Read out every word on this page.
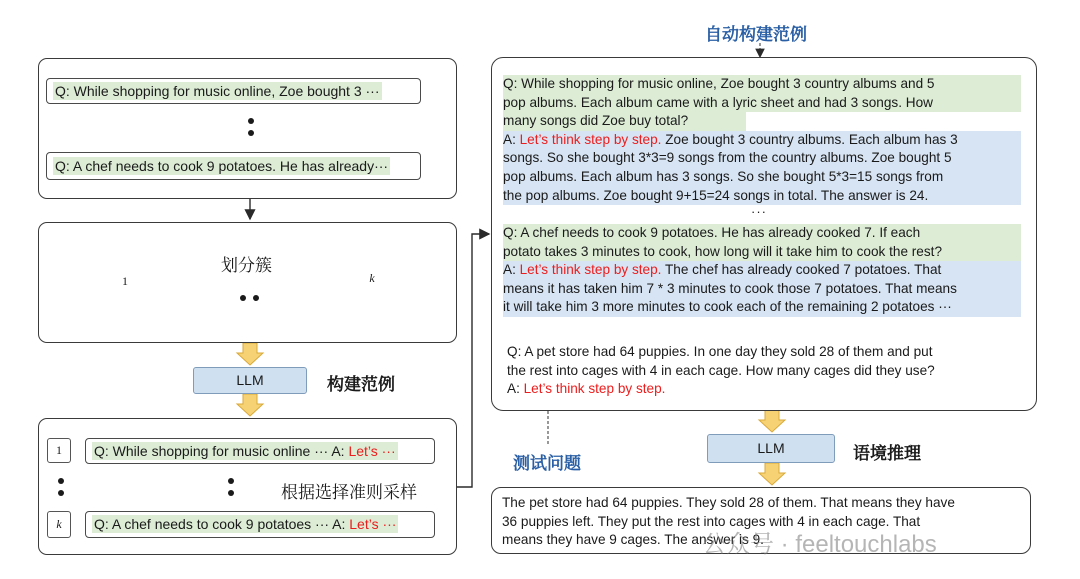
Q: While shopping for music online, Zoe bought 3 ···
Q: A chef needs to cook 9 potatoes. He has already···
1	k
划分簇
LLM	构建范例
1	Q: While shopping for music online ··· A: Let’s ···
根据选择准则采样
k	Q: A chef needs to cook 9 potatoes ··· A: Let’s ···
自动构建范例
Q: While shopping for music online, Zoe bought 3 country albums and 5
pop albums. Each album came with a lyric sheet and had 3 songs. How
many songs did Zoe buy total?
A: Let’s think step by step. Zoe bought 3 country albums. Each album has 3
songs. So she bought 3*3=9 songs from the country albums. Zoe bought 5
pop albums. Each album has 3 songs. So she bought 5*3=15 songs from
the pop albums. Zoe bought 9+15=24 songs in total. The answer is 24.
···
Q: A chef needs to cook 9 potatoes. He has already cooked 7. If each
potato takes 3 minutes to cook, how long will it take him to cook the rest?
A: Let’s think step by step. The chef has already cooked 7 potatoes. That
means it has taken him 7 * 3 minutes to cook those 7 potatoes. That means
it will take him 3 more minutes to cook each of the remaining 2 potatoes ···
Q: A pet store had 64 puppies. In one day they sold 28 of them and put
the rest into cages with 4 in each cage. How many cages did they use?
A: Let’s think step by step.
测试问题
LLM	语境推理
The pet store had 64 puppies. They sold 28 of them. That means they have
36 puppies left. They put the rest into cages with 4 in each cage. That
means they have 9 cages. The answer is 9.
公众号 · feeltouchlabs
